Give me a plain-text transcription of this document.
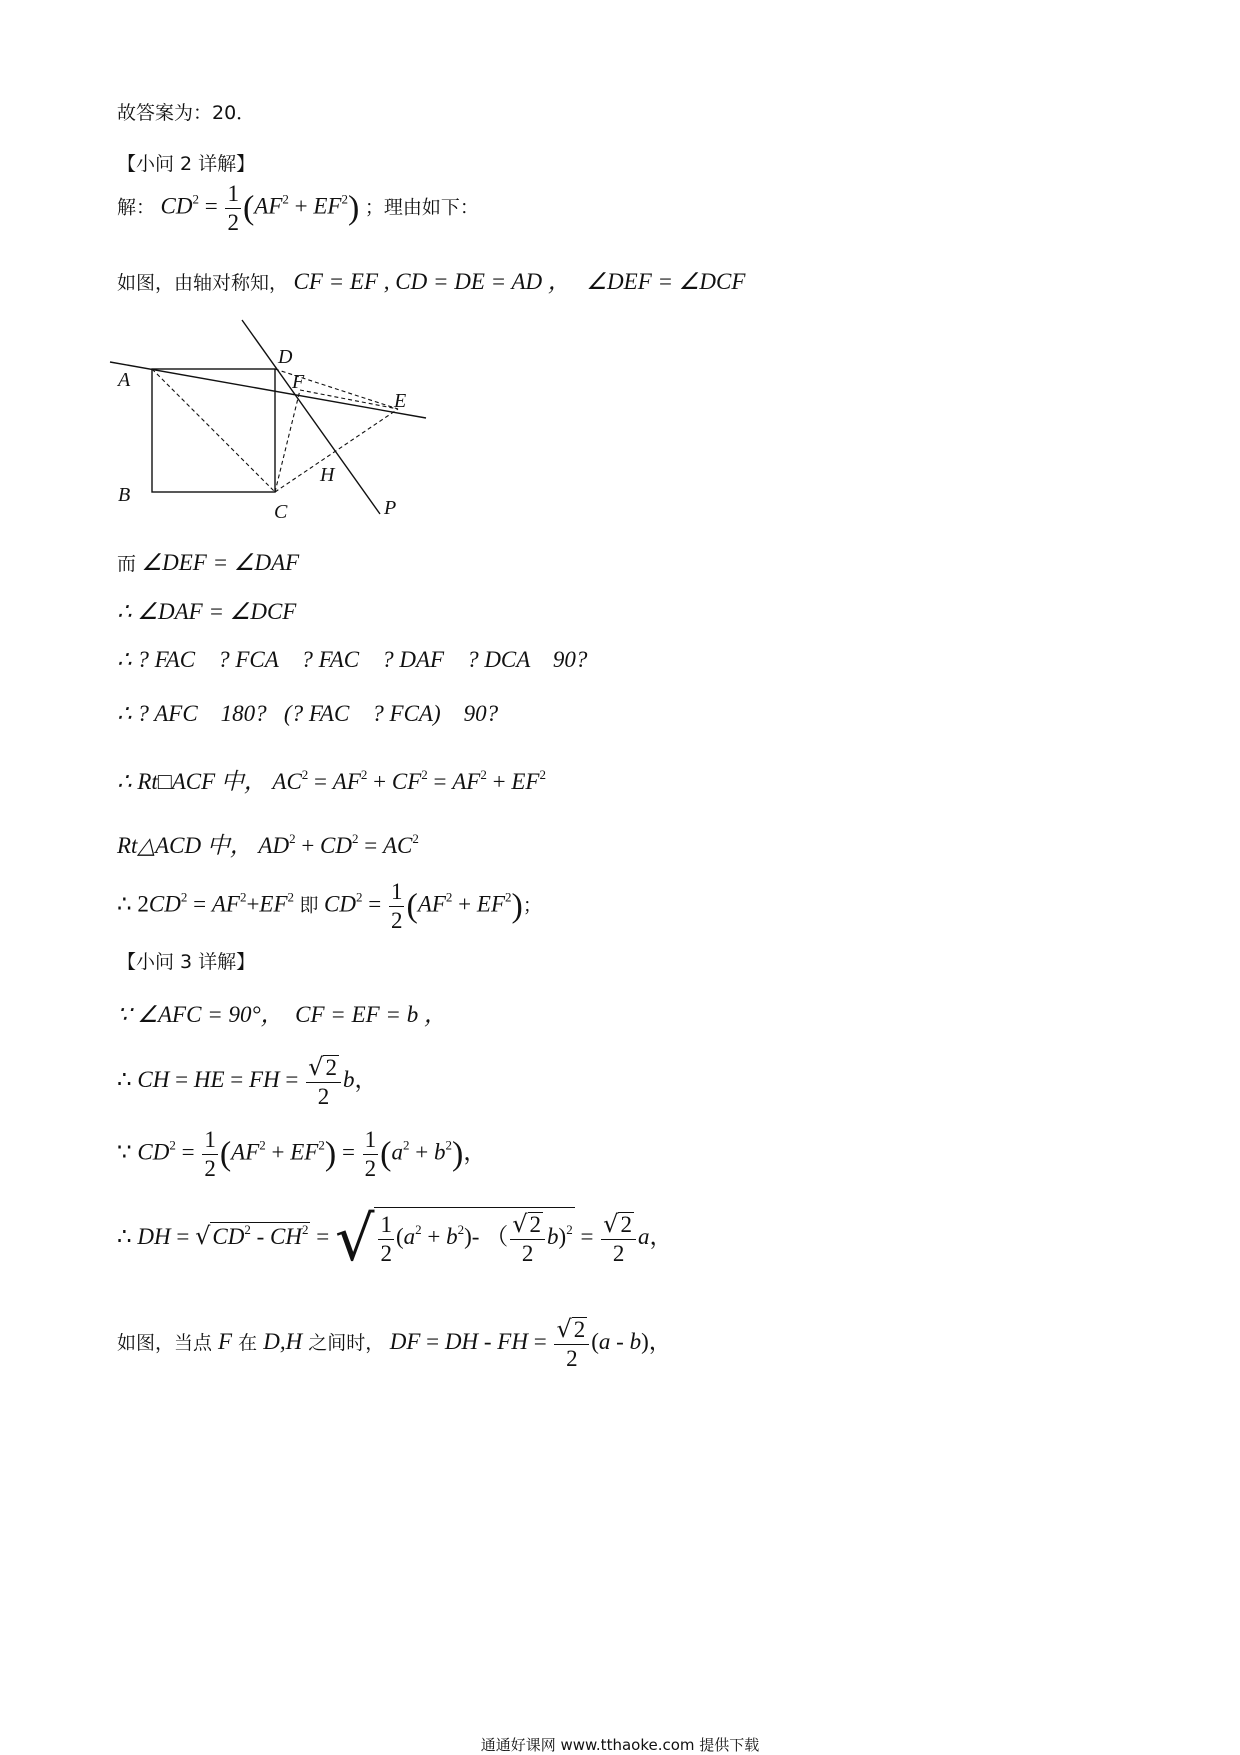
故答案为：20．
【小问 2 详解】
解： $CD^2 = \frac{1}{2} (AF^2 + EF^2)$ ；理由如下：
如图，由轴对称知， CF = EF , CD = DE = AD ， ∠DEF = ∠DCF
A
B
C
D
E
F
H
P
而 ∠DEF = ∠DAF
∴ ∠DAF = ∠DCF
∴ ? FAC    ? FCA    ? FAC    ? DAF    ? DCA    90?
∴ ? AFC    180?   (? FAC    ? FCA)    90?
∴ Rt□ACF 中， $AC^2 = AF^2 + CF^2 = AF^2 + EF^2$
Rt△ACD 中， $AD^2 + CD^2 = AC^2$
∴ $2CD^2 = AF^2+EF^2$ 即 $CD^2 = \frac{1}{2} (AF^2 + EF^2)$；
【小问 3 详解】
∵ ∠AFC = 90°，  CF = EF = b ，
∴ CH = HE = FH = $\frac{√2}{2}$ b，
∵ $CD^2 = \frac{1}{2} (AF^2 + EF^2) = \frac{1}{2} (a^2 + b^2)$，
∴ DH = $√CD^2 - CH^2$ = √ $\frac{1}{2} (a^2 + b^2)-$ （ $\frac{√2}{2} b)^2 = \frac{√2}{2}$ a，
如图，当点 F 在 D,H 之间时， DF = DH - FH = $\frac{√2}{2} (a - b)$，
通通好课网 www.tthaoke.com 提供下载
